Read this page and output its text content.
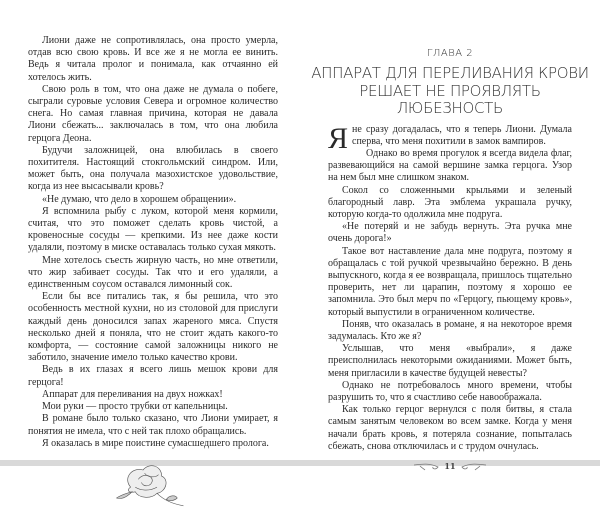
Лиони даже не сопротивлялась, она просто умерла, отдав всю свою кровь. И все же я не могла ее винить. Ведь я читала пролог и понимала, как отчаянно ей хотелось жить.

Свою роль в том, что она даже не думала о побеге, сыграли суровые условия Севера и огромное количество снега. Но самая главная причина, которая не давала Лиони сбежать... заключалась в том, что она любила герцога Деона.

Будучи заложницей, она влюбилась в своего похитителя. Настоящий стокгольмский синдром. Или, может быть, она получала мазохистское удовольствие, когда из нее высасывали кровь?

«Не думаю, что дело в хорошем обращении».

Я вспомнила рыбу с луком, которой меня кормили, считая, что это поможет сделать кровь чистой, а кровеносные сосуды — крепкими. Из нее даже кости удаляли, поэтому в миске оставалась только сухая мякоть.

Мне хотелось съесть жирную часть, но мне ответили, что жир забивает сосуды. Так что и его удаляли, а единственным соусом оставался лимонный сок.

Если бы все питались так, я бы решила, что это особенность местной кухни, но из столовой для прислуги каждый день доносился запах жареного мяса. Спустя несколько дней я поняла, что не стоит ждать какого-то комфорта, — состояние самой заложницы никого не заботило, значение имело только качество крови.

Ведь в их глазах я всего лишь мешок крови для герцога!

Аппарат для переливания на двух ножках!

Мои руки — просто трубки от капельницы.

В романе было только сказано, что Лиони умирает, я понятия не имела, что с ней так плохо обращались.

Я оказалась в мире поистине сумасшедшего пролога.

ГЛАВА 2
АППАРАТ ДЛЯ ПЕРЕЛИВАНИЯ КРОВИ РЕШАЕТ НЕ ПРОЯВЛЯТЬ ЛЮБЕЗНОСТЬ

Яне сразу догадалась, что я теперь Лиони. Думала сперва, что меня похитили в замок вампиров.

Однако во время прогулок я всегда видела флаг, развевающийся на самой вершине замка герцога. Узор на нем был мне слишком знаком.

Сокол со сложенными крыльями и зеленый благородный лавр. Эта эмблема украшала ручку, которую когда-то одолжила мне подруга.

«Не потеряй и не забудь вернуть. Эта ручка мне очень дорога!»

Такое вот наставление дала мне подруга, поэтому я обращалась с той ручкой чрезвычайно бережно. В день выпускного, когда я ее возвращала, пришлось тщательно проверить, нет ли царапин, поэтому я хорошо ее запомнила. Это был мерч по «Герцогу, пьющему кровь», который выпустили в ограниченном количестве.

Поняв, что оказалась в романе, я на некоторое время задумалась. Кто же я?

Услышав, что меня «выбрали», я даже преисполнилась некоторыми ожиданиями. Может быть, меня пригласили в качестве будущей невесты?

Однако не потребовалось много времени, чтобы разрушить то, что я счастливо себе навоображала.

Как только герцог вернулся с поля битвы, я стала самым занятым человеком во всем замке. Когда у меня начали брать кровь, я потеряла сознание, попыталась сбежать, снова отключилась и с трудом очнулась.

11
